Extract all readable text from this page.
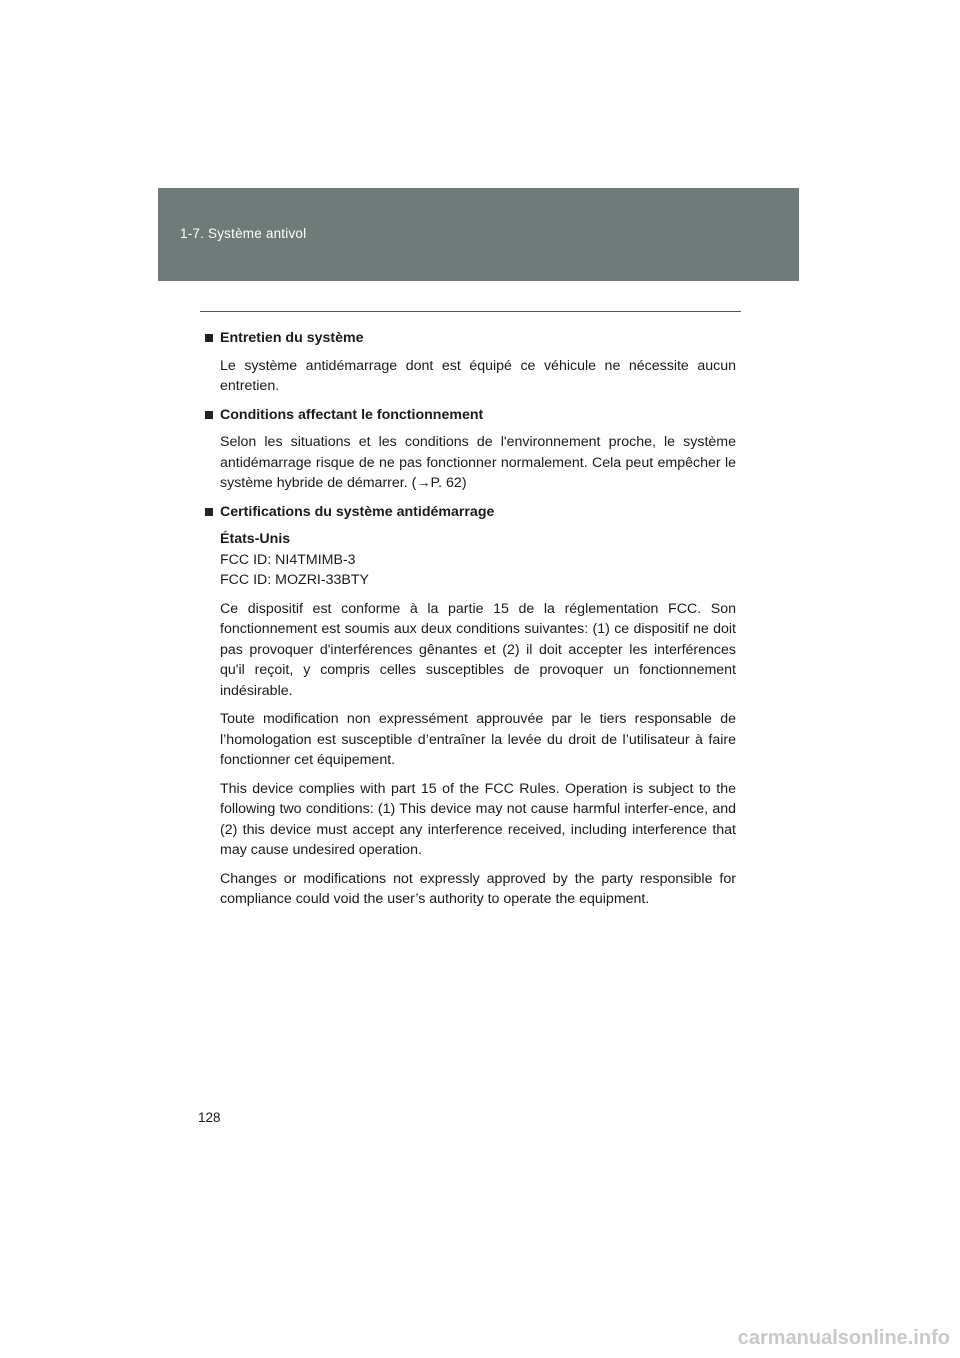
1-7. Système antivol
Entretien du système

Le système antidémarrage dont est équipé ce véhicule ne nécessite aucun entretien.

Conditions affectant le fonctionnement

Selon les situations et les conditions de l'environnement proche, le système antidémarrage risque de ne pas fonctionner normalement. Cela peut empêcher le système hybride de démarrer. (→P. 62)

Certifications du système antidémarrage
États-Unis
FCC ID: NI4TMIMB-3
FCC ID: MOZRI-33BTY

Ce dispositif est conforme à la partie 15 de la réglementation FCC. Son fonctionnement est soumis aux deux conditions suivantes: (1) ce dispositif ne doit pas provoquer d'interférences gênantes et (2) il doit accepter les interférences qu'il reçoit, y compris celles susceptibles de provoquer un fonctionnement indésirable.

Toute modification non expressément approuvée par le tiers responsable de l’homologation est susceptible d’entraîner la levée du droit de l’utilisateur à faire fonctionner cet équipement.

This device complies with part 15 of the FCC Rules. Operation is subject to the following two conditions: (1) This device may not cause harmful interfer-ence, and (2) this device must accept any interference received, including interference that may cause undesired operation.

Changes or modifications not expressly approved by the party responsible for compliance could void the user’s authority to operate the equipment.

128
carmanualsonline.info
